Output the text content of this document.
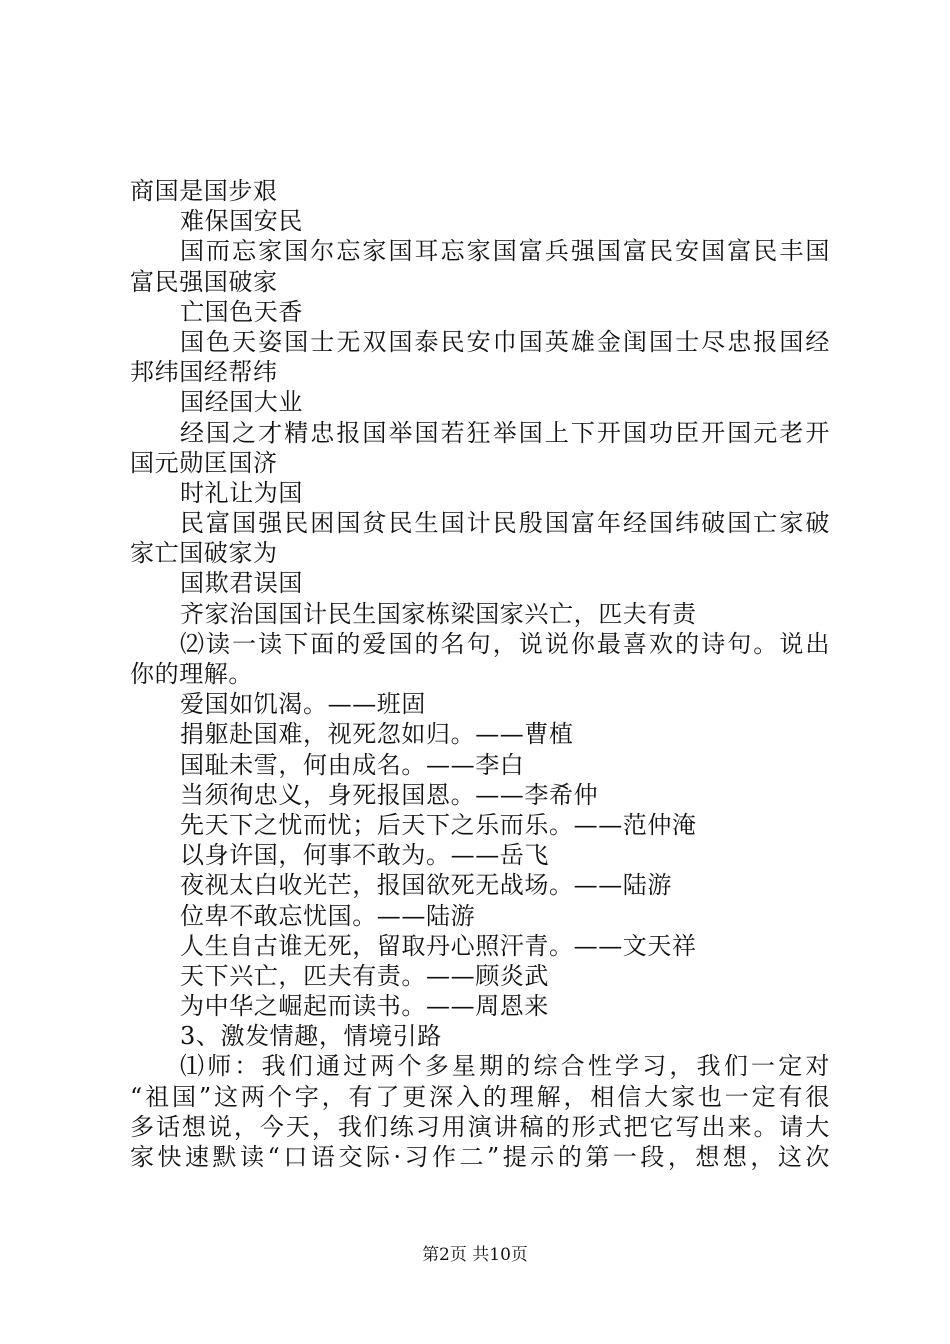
商国是国步艰
难保国安民
国而忘家国尔忘家国耳忘家国富兵强国富民安国富民丰国
富民强国破家
亡国色天香
国色天姿国士无双国泰民安巾国英雄金闺国士尽忠报国经
邦纬国经帮纬
国经国大业
经国之才精忠报国举国若狂举国上下开国功臣开国元老开
国元勋匡国济
时礼让为国
民富国强民困国贫民生国计民殷国富年经国纬破国亡家破
家亡国破家为
国欺君误国
齐家治国国计民生国家栋梁国家兴亡，匹夫有责
⑵读一读下面的爱国的名句，说说你最喜欢的诗句。说出
你的理解。
爱国如饥渴。——班固
捐躯赴国难，视死忽如归。——曹植
国耻未雪，何由成名。——李白
当须徇忠义，身死报国恩。——李希仲
先天下之忧而忧；后天下之乐而乐。——范仲淹
以身许国，何事不敢为。——岳飞
夜视太白收光芒，报国欲死无战场。——陆游
位卑不敢忘忧国。——陆游
人生自古谁无死，留取丹心照汗青。——文天祥
天下兴亡，匹夫有责。——顾炎武
为中华之崛起而读书。——周恩来
3、激发情趣，情境引路
⑴师：我们通过两个多星期的综合性学习，我们一定对
“祖国”这两个字，有了更深入的理解，相信大家也一定有很
多话想说，今天，我们练习用演讲稿的形式把它写出来。请大
家快速默读“口语交际·习作二”提示的第一段，想想，这次
第2页 共10页
